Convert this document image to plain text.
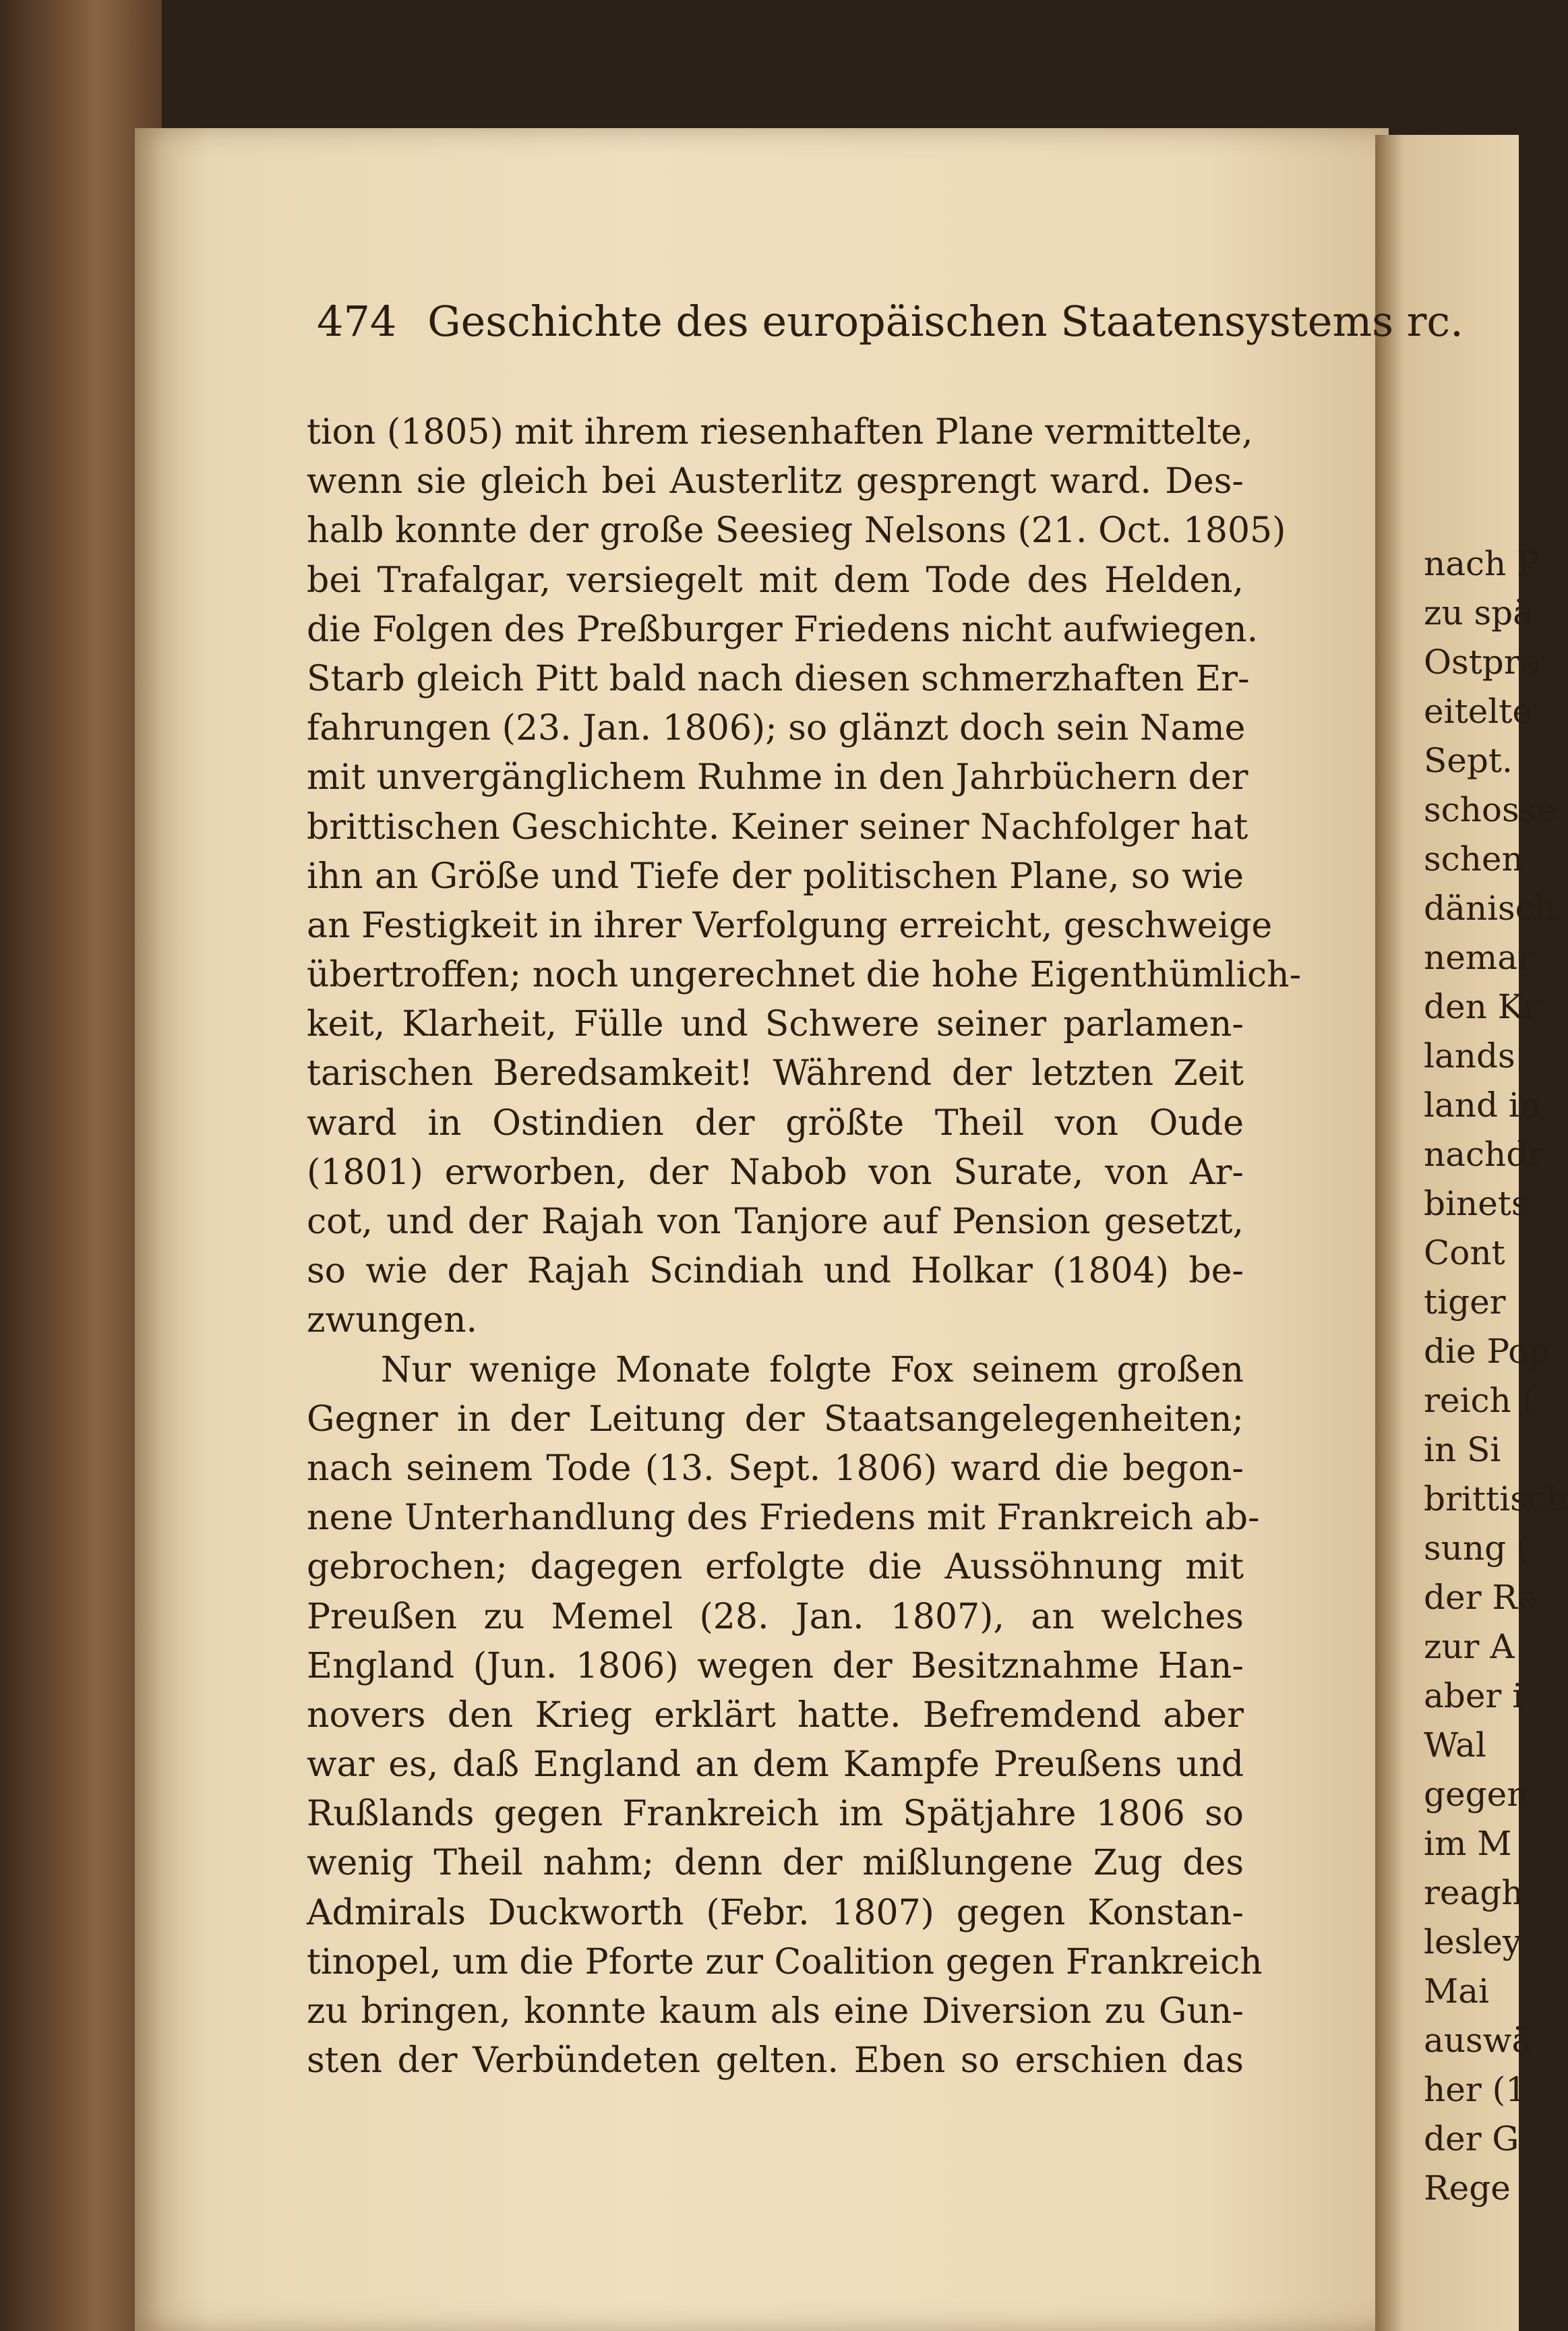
nach P
zu spä
Ostpre
eitelte
Sept.
schosse
schen
dänisch
nemar
den Kr
lands
land in
nachdr
binets
Cont
tiger
die Pop
reich (
in Si
brittisch
sung (
der Re
zur A
aber i
Wal
gegen
im M
reagh
lesley
Mai
auswä
her (1
der G
Rege
474 Geschichte des europäischen Staatensystems rc.
tion (1805) mit ihrem riesenhaften Plane vermittelte,
wenn sie gleich bei Austerlitz gesprengt ward. Des-
halb konnte der große Seesieg Nelsons (21. Oct. 1805)
bei Trafalgar, versiegelt mit dem Tode des Helden,
die Folgen des Preßburger Friedens nicht aufwiegen.
Starb gleich Pitt bald nach diesen schmerzhaften Er-
fahrungen (23. Jan. 1806); so glänzt doch sein Name
mit unvergänglichem Ruhme in den Jahrbüchern der
brittischen Geschichte. Keiner seiner Nachfolger hat
ihn an Größe und Tiefe der politischen Plane, so wie
an Festigkeit in ihrer Verfolgung erreicht, geschweige
übertroffen; noch ungerechnet die hohe Eigenthümlich-
keit, Klarheit, Fülle und Schwere seiner parlamen-
tarischen Beredsamkeit! Während der letzten Zeit
ward in Ostindien der größte Theil von Oude
(1801) erworben, der Nabob von Surate, von Ar-
cot, und der Rajah von Tanjore auf Pension gesetzt,
so wie der Rajah Scindiah und Holkar (1804) be-
zwungen.
Nur wenige Monate folgte Fox seinem großen
Gegner in der Leitung der Staatsangelegenheiten;
nach seinem Tode (13. Sept. 1806) ward die begon-
nene Unterhandlung des Friedens mit Frankreich ab-
gebrochen; dagegen erfolgte die Aussöhnung mit
Preußen zu Memel (28. Jan. 1807), an welches
England (Jun. 1806) wegen der Besitznahme Han-
novers den Krieg erklärt hatte. Befremdend aber
war es, daß England an dem Kampfe Preußens und
Rußlands gegen Frankreich im Spätjahre 1806 so
wenig Theil nahm; denn der mißlungene Zug des
Admirals Duckworth (Febr. 1807) gegen Konstan-
tinopel, um die Pforte zur Coalition gegen Frankreich
zu bringen, konnte kaum als eine Diversion zu Gun-
sten der Verbündeten gelten. Eben so erschien das
